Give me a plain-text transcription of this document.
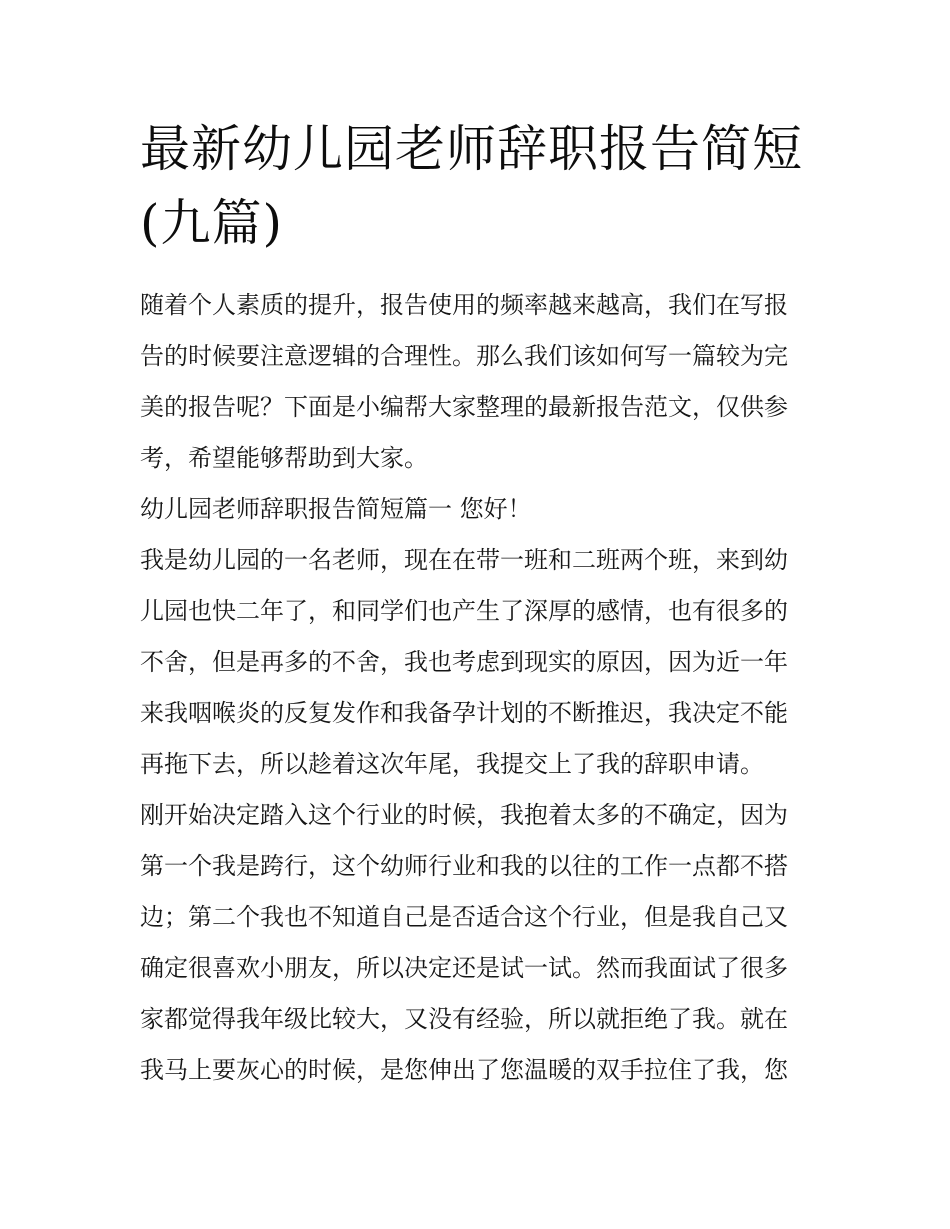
最新幼儿园老师辞职报告简短
(九篇)
随着个人素质的提升，报告使用的频率越来越高，我们在写报
告的时候要注意逻辑的合理性。那么我们该如何写一篇较为完
美的报告呢？下面是小编帮大家整理的最新报告范文，仅供参
考，希望能够帮助到大家。
幼儿园老师辞职报告简短篇一 您好！
我是幼儿园的一名老师，现在在带一班和二班两个班，来到幼
儿园也快二年了，和同学们也产生了深厚的感情，也有很多的
不舍，但是再多的不舍，我也考虑到现实的原因，因为近一年
来我咽喉炎的反复发作和我备孕计划的不断推迟，我决定不能
再拖下去，所以趁着这次年尾，我提交上了我的辞职申请。
刚开始决定踏入这个行业的时候，我抱着太多的不确定，因为
第一个我是跨行，这个幼师行业和我的以往的工作一点都不搭
边；第二个我也不知道自己是否适合这个行业，但是我自己又
确定很喜欢小朋友，所以决定还是试一试。然而我面试了很多
家都觉得我年级比较大，又没有经验，所以就拒绝了我。就在
我马上要灰心的时候，是您伸出了您温暖的双手拉住了我，您
